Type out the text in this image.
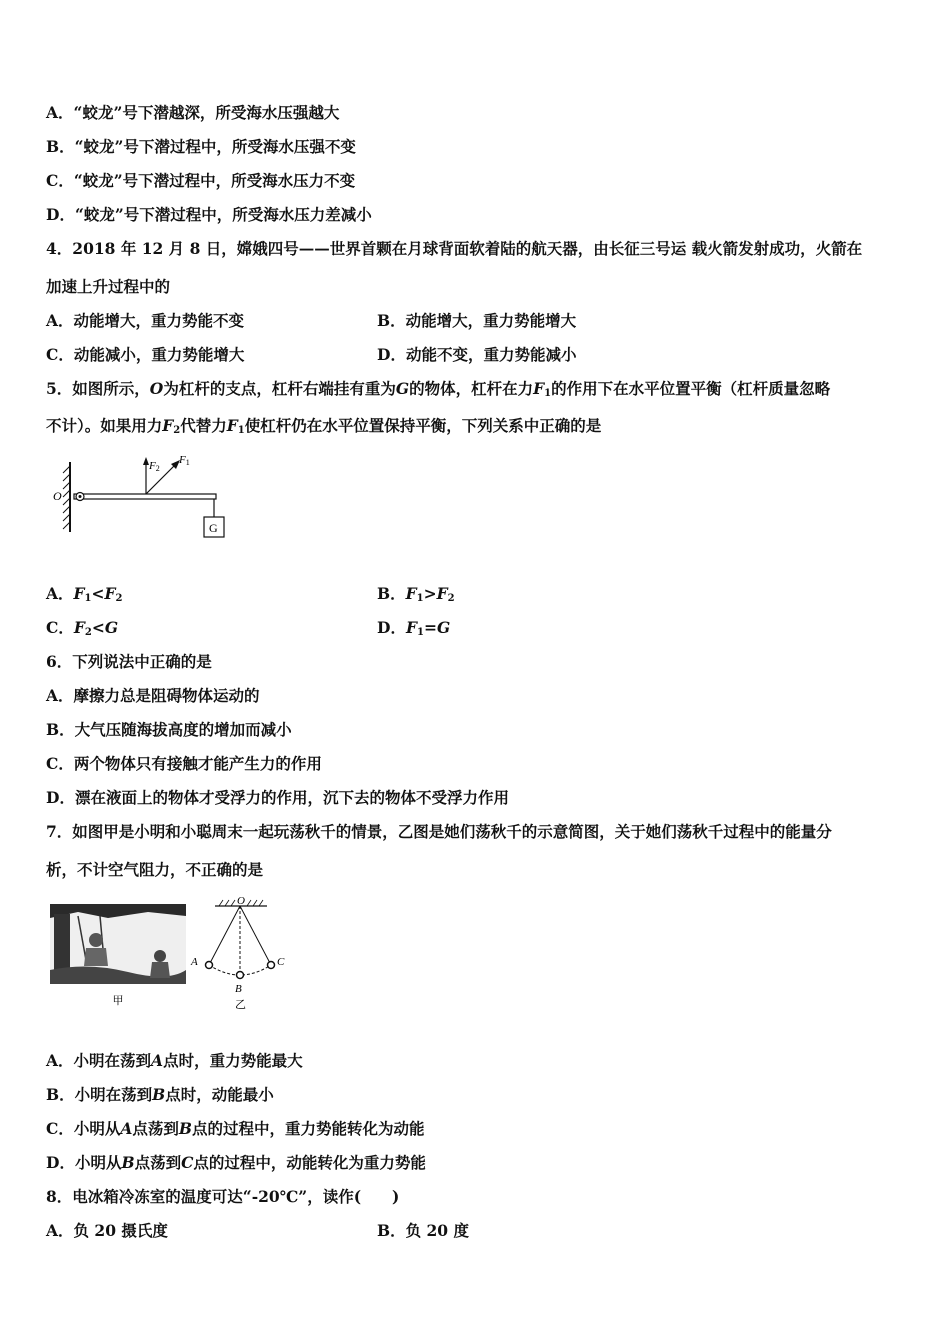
A．“蛟龙”号下潜越深，所受海水压强越大
B．“蛟龙”号下潜过程中，所受海水压强不变
C．“蛟龙”号下潜过程中，所受海水压力不变
D．“蛟龙”号下潜过程中，所受海水压力差减小
4．2018 年 12 月 8 日，嫦娥四号——世界首颗在月球背面软着陆的航天器，由长征三号运 载火箭发射成功，火箭在
加速上升过程中的
A．动能增大，重力势能不变	B．动能增大，重力势能增大
C．动能减小，重力势能增大	D．动能不变，重力势能减小
5．如图所示，O为杠杆的支点，杠杆右端挂有重为G的物体，杠杆在力$F_1$的作用下在水平位置平衡（杠杆质量忽略
不计）。如果用力$F_2$代替力$F_1$使杠杆仍在水平位置保持平衡，下列关系中正确的是
O
F2
F1
G
A．$F_1<F_2$	B．$F_1>F_2$
C．$F_2<G$	D．$F_1=G$
6．下列说法中正确的是
A．摩擦力总是阻碍物体运动的
B．大气压随海拔高度的增加而减小
C．两个物体只有接触才能产生力的作用
D．漂在液面上的物体才受浮力的作用，沉下去的物体不受浮力作用
7．如图甲是小明和小聪周末一起玩荡秋千的情景，乙图是她们荡秋千的示意简图，关于她们荡秋千过程中的能量分
析，不计空气阻力，不正确的是
甲
O
A
B
C
乙
A．小明在荡到A点时，重力势能最大
B．小明在荡到B点时，动能最小
C．小明从A点荡到B点的过程中，重力势能转化为动能
D．小明从B点荡到C点的过程中，动能转化为重力势能
8．电冰箱冷冻室的温度可达“-20℃”，读作(　　)
A．负 20 摄氏度	B．负 20 度
